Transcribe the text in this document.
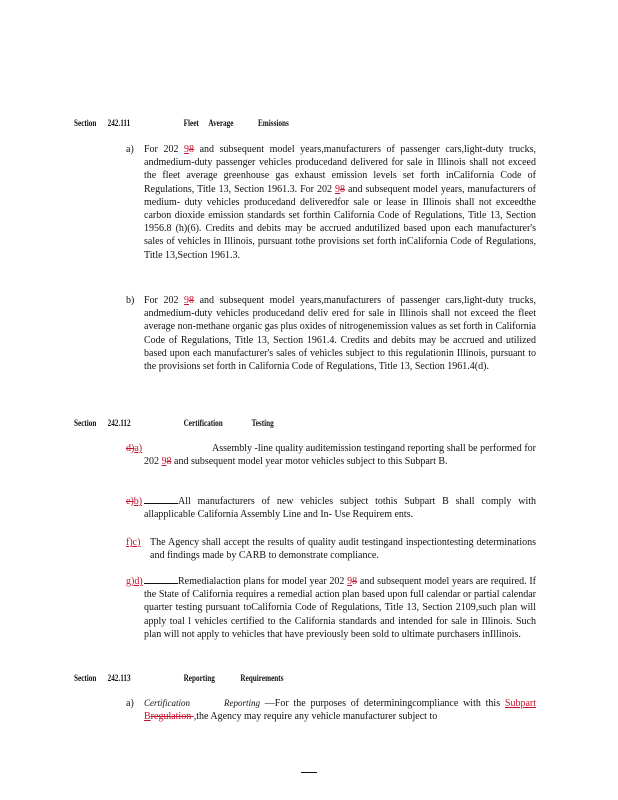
Section 242.111	Fleet Average	Emissions
a) For 202 98 and subsequent model years,manufacturers of passenger cars,light-duty trucks, andmedium-duty passenger vehicles producedand delivered for sale in Illinois shall not exceed the fleet average greenhouse gas exhaust emission levels set forth inCalifornia Code of Regulations, Title 13, Section 1961.3. For 202 98 and subsequent model years, manufacturers of medium- duty vehicles producedand deliveredfor sale or lease in Illinois shall not exceedthe carbon dioxide emission standards set forthin California Code of Regulations, Title 13, Section 1956.8 (h)(6). Credits and debits may be accrued andutilized based upon each manufacturer's sales of vehicles in Illinois, pursuant tothe provisions set forth inCalifornia Code of Regulations, Title 13,Section 1961.3.
b) For 202 98 and subsequent model years,manufacturers of passenger cars,light-duty trucks, andmedium-duty vehicles producedand deliv ered for sale in Illinois shall not exceed the fleet average non-methane organic gas plus oxides of nitrogenemission values as set forth in California Code of Regulations, Title 13, Section 1961.4. Credits and debits may be accrued and utilized based upon each manufacturer's sales of vehicles subject to this regulationin Illinois, pursuant to the provisions set forth in California Code of Regulations, Title 13, Section 1961.4(d).
Section 242.112	Certification	Testing
d)a)	Assembly -line quality auditemission testingand reporting shall be performed for 202 98 and subsequent model year motor vehicles subject to this Subpart B.
e)b)	All manufacturers of new vehicles subject tothis Subpart B shall comply with allapplicable California Assembly Line and In- Use Requirem ents.
f)c) The Agency shall accept the results of quality audit testingand inspectiontesting determinations and findings made by CARB to demonstrate compliance.
g)d)	Remedialaction plans for model year 202 98 and subsequent model years are required. If the State of California requires a remedial action plan based upon full calendar or partial calendar quarter testing pursuant toCalifornia Code of Regulations, Title 13, Section 2109,such plan will apply toal l vehicles certified to the California standards and intended for sale in Illinois. Such plan will not apply to vehicles that have previously been sold to ultimate purchasers inIllinois.
Section 242.113	Reporting	Requirements
a) Certification	Reporting —For the purposes of determiningcompliance with this Subpart Bregulation ,the Agency may require any vehicle manufacturer subject to
